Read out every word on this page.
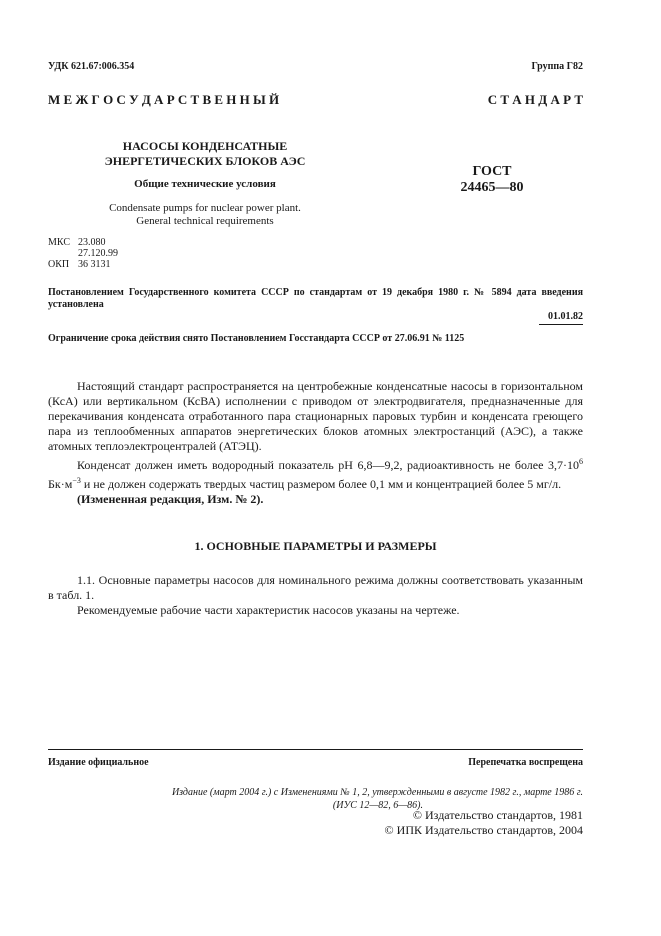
УДК 621.67:006.354	Группа Г82
М Е Ж Г О С У Д А Р С Т В Е Н Н Ы Й	С Т А Н Д А Р Т
НАСОСЫ КОНДЕНСАТНЫЕ
ЭНЕРГЕТИЧЕСКИХ БЛОКОВ АЭС
Общие технические условия
Condensate pumps for nuclear power plant.
General technical requirements
ГОСТ
24465—80
МКС 23.080
27.120.99
ОКП 36 3131
Постановлением Государственного комитета СССР по стандартам от 19 декабря 1980 г. № 5894 дата введения установлена
01.01.82
Ограничение срока действия снято Постановлением Госстандарта СССР от 27.06.91 № 1125

Настоящий стандарт распространяется на центробежные конденсатные насосы в горизонтальном (КсА) или вертикальном (КсВА) исполнении с приводом от электродвигателя, предназначенные для перекачивания конденсата отработанного пара стационарных паровых турбин и конденсата греющего пара из теплообменных аппаратов энергетических блоков атомных электростанций (АЭС), а также атомных теплоэлектроцентралей (АТЭЦ).

Конденсат должен иметь водородный показатель рН 6,8—9,2, радиоактивность не более $3,7\cdot 10^6$ $Бк\cdot м^{-3}$ и не должен содержать твердых частиц размером более 0,1 мм и концентрацией более 5 мг/л.

(Измененная редакция, Изм. № 2).

1. ОСНОВНЫЕ ПАРАМЕТРЫ И РАЗМЕРЫ

1.1. Основные параметры насосов для номинального режима должны соответствовать указанным в табл. 1.

Рекомендуемые рабочие части характеристик насосов указаны на чертеже.

Издание официальное	Перепечатка воспрещена
Издание (март 2004 г.) с Изменениями № 1, 2, утвержденными в августе 1982 г., марте 1986 г.
(ИУС 12—82, 6—86).
© Издательство стандартов, 1981
© ИПК Издательство стандартов, 2004
